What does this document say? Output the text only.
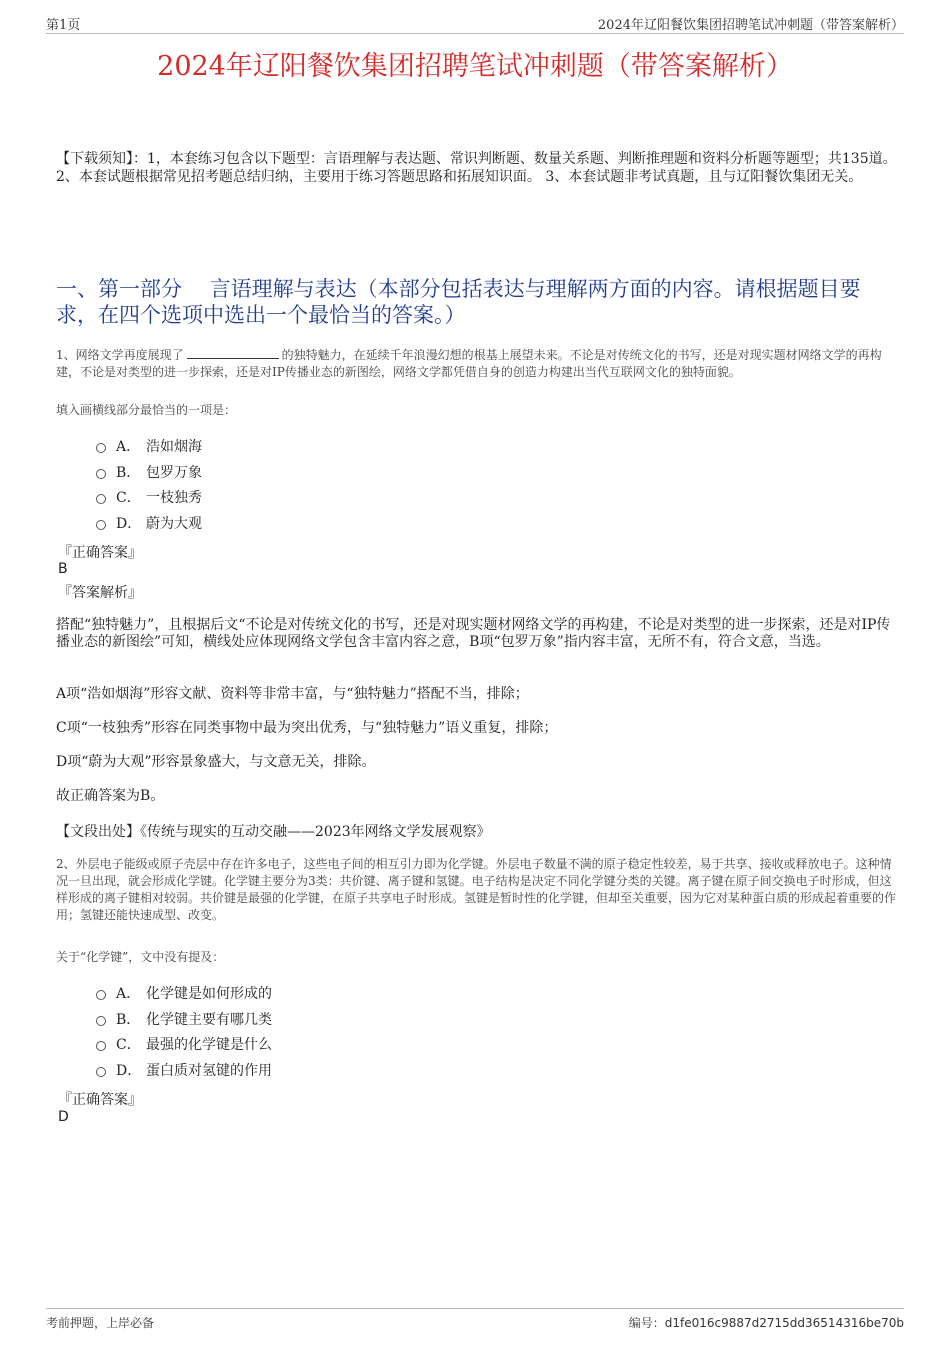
第1页	2024年辽阳餐饮集团招聘笔试冲刺题（带答案解析）
2024年辽阳餐饮集团招聘笔试冲刺题（带答案解析）
【下载须知】：1，本套练习包含以下题型：言语理解与表达题、常识判断题、数量关系题、判断推理题和资料分析题等题型；共135道。 2、本套试题根据常见招考题总结归纳，主要用于练习答题思路和拓展知识面。 3、本套试题非考试真题，且与辽阳餐饮集团无关。
一、第一部分　 言语理解与表达（本部分包括表达与理解两方面的内容。请根据题目要求，在四个选项中选出一个最恰当的答案。）
1、网络文学再度展现了	的独特魅力，在延续千年浪漫幻想的根基上展望未来。不论是对传统文化的书写，还是对现实题材网络文学的再构建，不论是对类型的进一步探索，还是对IP传播业态的新图绘，网络文学都凭借自身的创造力构建出当代互联网文化的独特面貌。
填入画横线部分最恰当的一项是：
A． 浩如烟海
B． 包罗万象
C． 一枝独秀
D． 蔚为大观
『正确答案』
B
『答案解析』
搭配“独特魅力”，且根据后文“不论是对传统文化的书写，还是对现实题材网络文学的再构建，不论是对类型的进一步探索，还是对IP传播业态的新图绘”可知，横线处应体现网络文学包含丰富内容之意，B项“包罗万象”指内容丰富，无所不有，符合文意，当选。
A项“浩如烟海”形容文献、资料等非常丰富，与“独特魅力”搭配不当，排除；
C项“一枝独秀”形容在同类事物中最为突出优秀，与“独特魅力”语义重复，排除；
D项“蔚为大观”形容景象盛大，与文意无关，排除。
故正确答案为B。
【文段出处】《传统与现实的互动交融——2023年网络文学发展观察》
2、外层电子能级或原子壳层中存在许多电子，这些电子间的相互引力即为化学键。外层电子数量不满的原子稳定性较差，易于共享、接收或释放电子。这种情况一旦出现，就会形成化学键。化学键主要分为3类：共价键、离子键和氢键。电子结构是决定不同化学键分类的关键。离子键在原子间交换电子时形成，但这样形成的离子键相对较弱。共价键是最强的化学键，在原子共享电子时形成。氢键是暂时性的化学键，但却至关重要，因为它对某种蛋白质的形成起着重要的作用；氢键还能快速成型、改变。
关于“化学键”，文中没有提及：
A． 化学键是如何形成的
B． 化学键主要有哪几类
C． 最强的化学键是什么
D． 蛋白质对氢键的作用
『正确答案』
D
考前押题，上岸必备	编号：d1fe016c9887d2715dd36514316be70b
